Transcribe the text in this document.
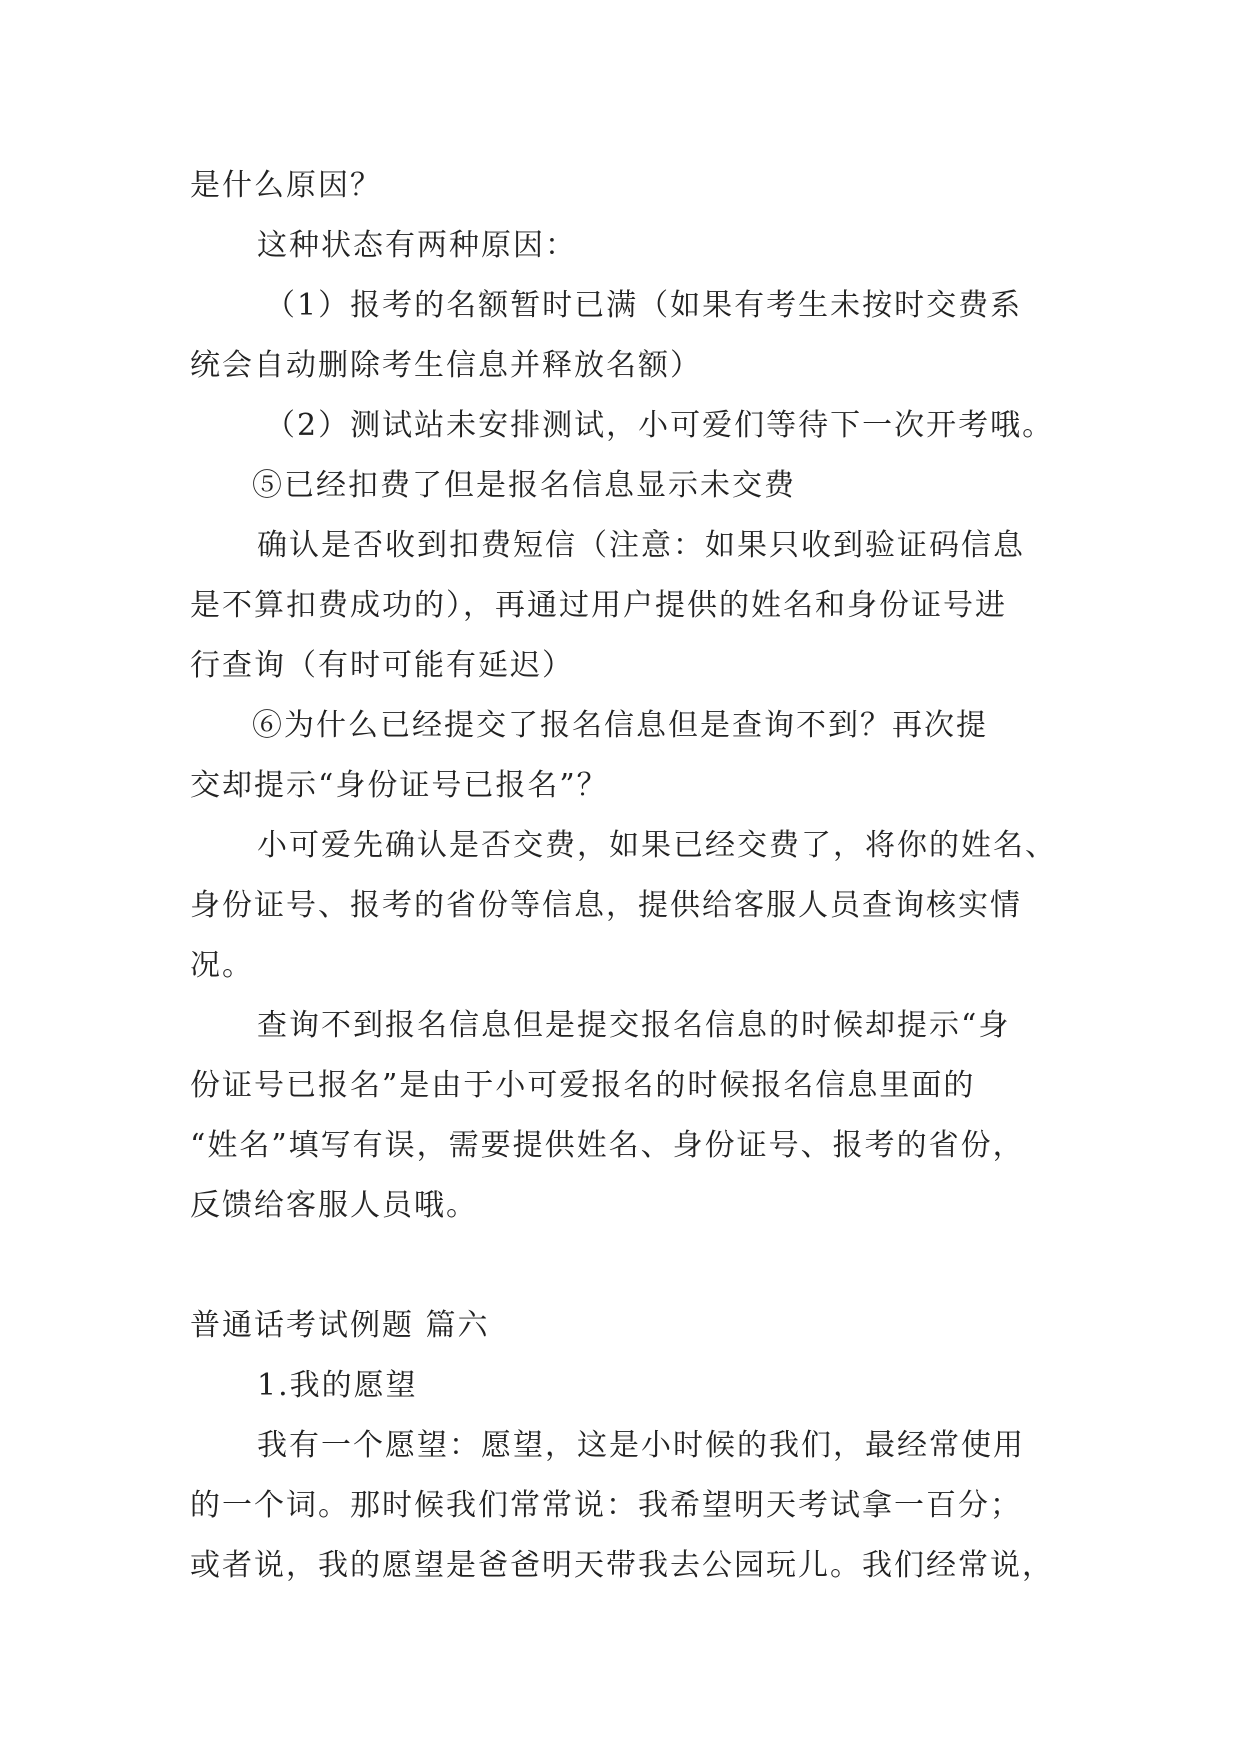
是什么原因？
这种状态有两种原因：
（1）报考的名额暂时已满（如果有考生未按时交费系
统会自动删除考生信息并释放名额）
（2）测试站未安排测试，小可爱们等待下一次开考哦。
⑤已经扣费了但是报名信息显示未交费
确认是否收到扣费短信（注意：如果只收到验证码信息
是不算扣费成功的），再通过用户提供的姓名和身份证号进
行查询（有时可能有延迟）
⑥为什么已经提交了报名信息但是查询不到？再次提
交却提示“身份证号已报名”？
小可爱先确认是否交费，如果已经交费了，将你的姓名、
身份证号、报考的省份等信息，提供给客服人员查询核实情
况。
查询不到报名信息但是提交报名信息的时候却提示“身
份证号已报名”是由于小可爱报名的时候报名信息里面的
“姓名”填写有误，需要提供姓名、身份证号、报考的省份，
反馈给客服人员哦。
普通话考试例题 篇六
1.我的愿望
我有一个愿望：愿望，这是小时候的我们，最经常使用
的一个词。那时候我们常常说：我希望明天考试拿一百分；
或者说，我的愿望是爸爸明天带我去公园玩儿。我们经常说，
